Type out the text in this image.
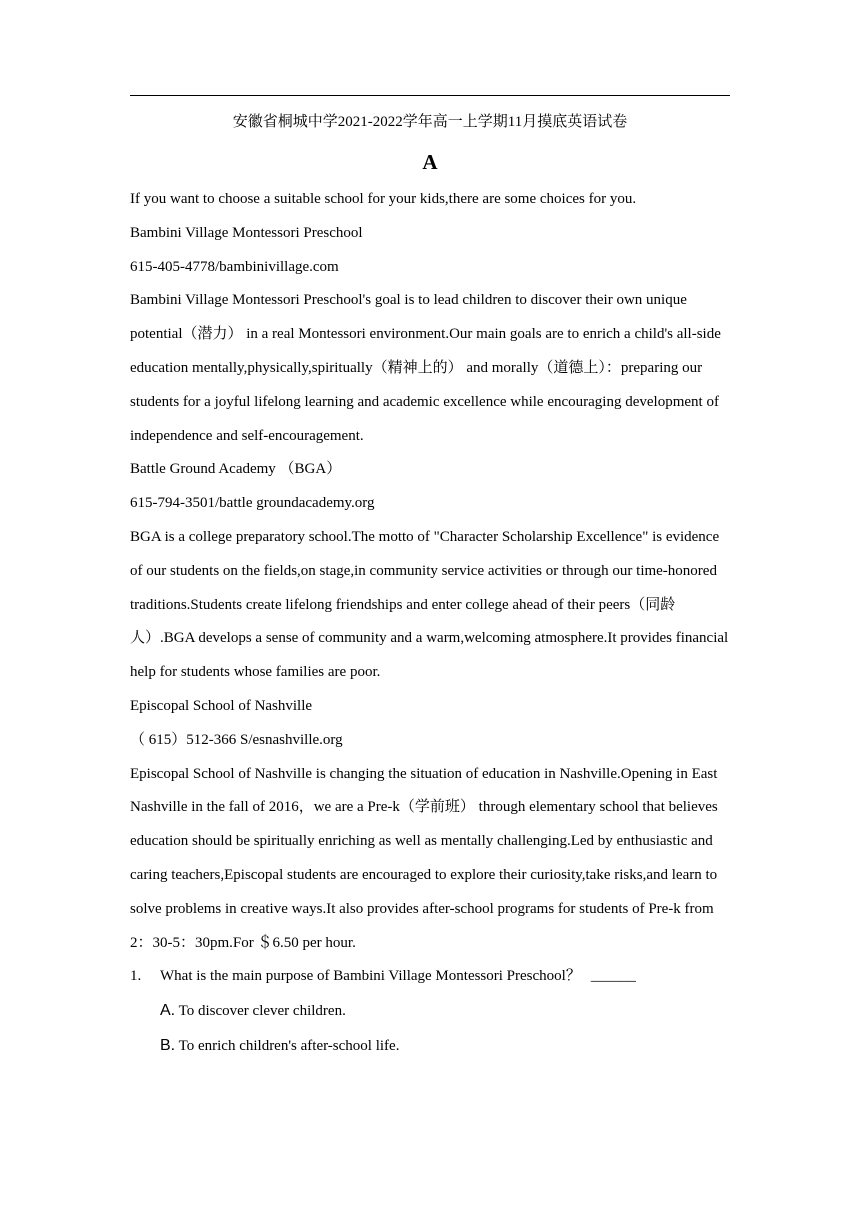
安徽省桐城中学2021-2022学年高一上学期11月摸底英语试卷
A

If you want to choose a suitable school for your kids,there are some choices for you.

Bambini Village Montessori Preschool

615-405-4778/bambinivillage.com

Bambini Village Montessori Preschool's goal is to lead children to discover their own unique

potential（潜力） in a real Montessori environment.Our main goals are to enrich a child's all-side

education mentally,physically,spiritually（精神上的） and morally（道德上）：preparing our

students for a joyful lifelong learning and academic excellence while encouraging development of

independence and self-encouragement.

Battle Ground Academy （BGA）

615-794-3501/battle groundacademy.org

BGA is a college preparatory school.The motto of "Character Scholarship Excellence" is evidence

of our students on the fields,on stage,in community service activities or through our time-honored

traditions.Students create lifelong friendships and enter college ahead of their peers（同龄

人）.BGA develops a sense of community and a warm,welcoming atmosphere.It provides financial

help for students whose families are poor.

Episcopal School of Nashville

（ 615）512-366 S/esnashville.org

Episcopal School of Nashville is changing the situation of education in Nashville.Opening in East

Nashville in the fall of 2016，we are a Pre-k（学前班） through elementary school that believes

education should be spiritually enriching as well as mentally challenging.Led by enthusiastic and

caring teachers,Episcopal students are encouraged to explore their curiosity,take risks,and learn to

solve problems in creative ways.It also provides after-school programs for students of Pre-k from

2：30-5：30pm.For ＄6.50 per hour.

1. What is the main purpose of Bambini Village Montessori Preschool？ ______

A. To discover clever children.

B. To enrich children's after-school life.
